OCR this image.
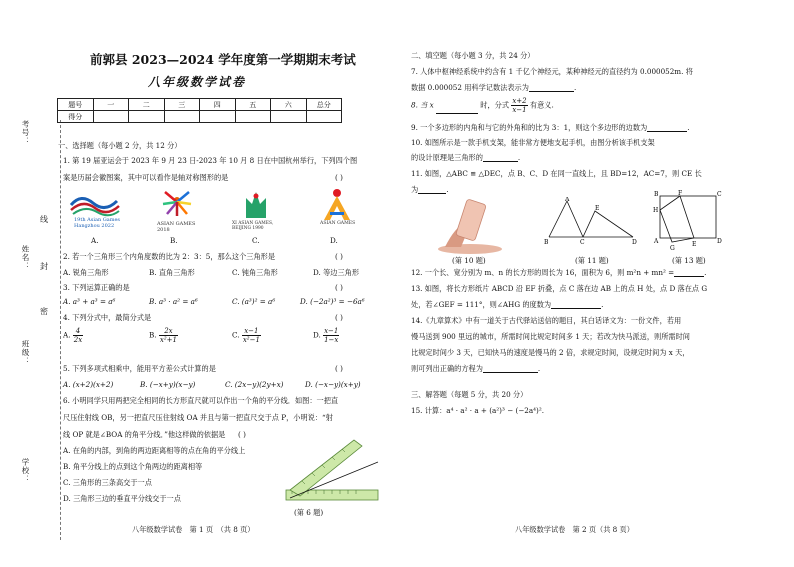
考号：
姓名：
班级：
学校：
线
封
密
前郭县 2023—2024 学年度第一学期期末考试
八年级数学试卷
题号	一	二	三	四	五	六	总分
得分							
一、选择题（每小题 2 分，共 12 分）
1. 第 19 届亚运会于 2023 年 9 月 23 日-2023 年 10 月 8 日在中国杭州举行，下列四个图
案是历届会徽图案，其中可以看作是轴对称图形的是	( )
19th Asian Games
Hangzhou 2022
A.
ASIAN GAMES 2018
B.
XI ASIAN GAMES, BEIJING 1990
C.
ASIAN GAMES
D.
2. 若一个三角形三个内角度数的比为 2：3：5，那么这个三角形是	( )
A. 锐角三角形	B. 直角三角形	C. 钝角三角形	D. 等边三角形
3. 下列运算正确的是	( )
A. a³ + a³ = a⁶	B. a³ · a² = a⁶	C. (a³)² = a⁶	D. (−2a²)³ = −6a⁶
4. 下列分式中，最简分式是	( )
A. $\frac{4}{2x}$	B. $\frac{2x}{\text{x²+1}}$	C. $\frac{x-1}{\text{x²−1}}$	D. $\frac{x-1}{1-x}$
5. 下列多项式相乘中，能用平方差公式计算的是	( )
A. (x+2)(x+2)	B. (−x+y)(x−y)	C. (2x−y)(2y+x)	D. (−x−y)(x+y)
6. 小明同学只用两把完全相同的长方形直尺就可以作出一个角的平分线．如图：一把直
尺压住射线 OB，另一把直尺压住射线 OA 并且与第一把直尺交于点 P，小明说：“射
线 OP 就是∠BOA 的角平分线．”他这样做的依据是 ( )
A. 在角的内部，到角的两边距离相等的点在角的平分线上
B. 角平分线上的点到这个角两边的距离相等
C. 三角形的三条高交于一点
D. 三角形三边的垂直平分线交于一点
(第 6 题)
八年级数学试卷　第 1 页　（共 8 页）
二、填空题（每小题 3 分，共 24 分）
7. 人体中枢神经系统中约含有 1 千亿个神经元，某种神经元的直径约为 0.000052m. 将
数据 0.000052 用科学记数法表示为	.
8. 当 x	时，分式 $\frac{x+2}{x-1}$ 有意义.
9. 一个多边形的内角和与它的外角和的比为 3：1，则这个多边形的边数为	.
10. 如图所示是一款手机支架，能非常方便地支起手机，由图分析该手机支架
的设计原理是三角形的	.
11. 如图，△ABC ≌ △DEC，点 B、C、D 在同一直线上，且 BD=12，AC=7，则 CE 长
为	.
(第 10 题)
A
E
B	C	D
(第 11 题)
B	F	C
H
A	E	D
G
(第 13 题)
12. 一个长、宽分别为 m、n 的长方形的周长为 16，面积为 6，则 m²n + mn² =	.
13. 如图，将长方形纸片 ABCD 沿 EF 折叠，点 C 落在边 AB 上的点 H 处，点 D 落在点 G
处，若∠GEF = 111°，则∠AHG 的度数为	.
14.《九章算术》中有一道关于古代驿站送信的题目，其白话译文为：一份文件，若用
慢马送到 900 里远的城市，所需时间比规定时间多 1 天；若改为快马派送，则所需时间
比规定时间少 3 天，已知快马的速度是慢马的 2 倍，求规定时间，设规定时间为 x 天，
则可列出正确的方程为	.
三、解答题（每题 5 分，共 20 分）
15. 计算：a⁴ · a² · a + (a²)³ − (−2a⁴)².
八年级数学试卷　第 2 页（共 8 页）
